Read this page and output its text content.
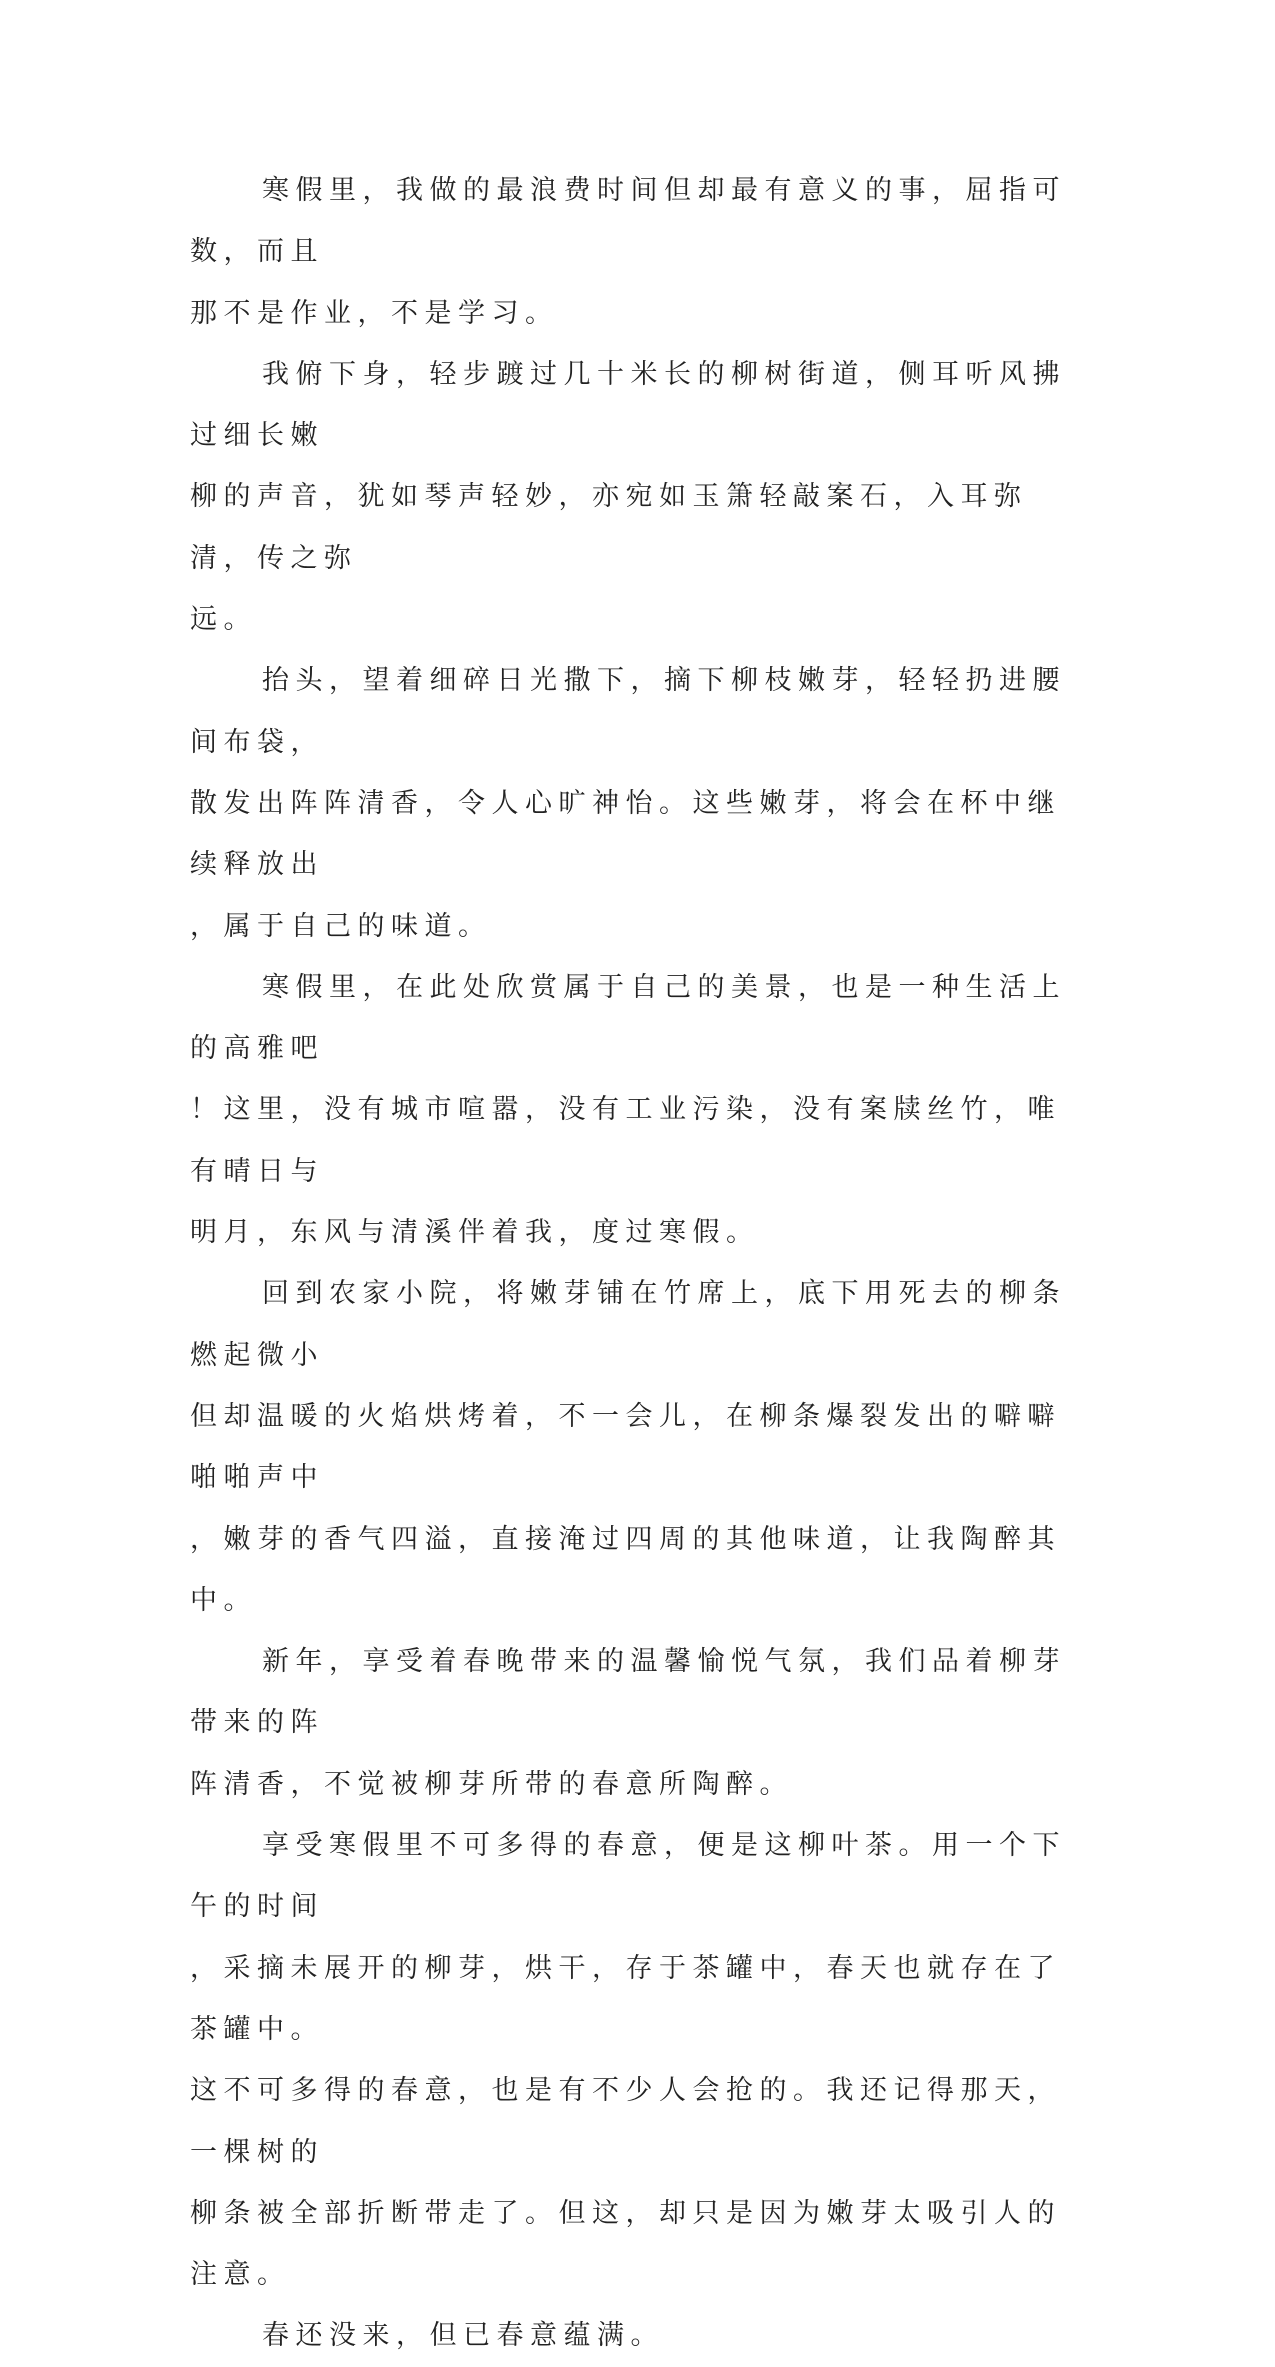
寒假里，我做的最浪费时间但却最有意义的事，屈指可数，而且
那不是作业，不是学习。
我俯下身，轻步踱过几十米长的柳树街道，侧耳听风拂过细长嫩
柳的声音，犹如琴声轻妙，亦宛如玉箫轻敲案石，入耳弥清，传之弥
远。
抬头，望着细碎日光撒下，摘下柳枝嫩芽，轻轻扔进腰间布袋，
散发出阵阵清香，令人心旷神怡。这些嫩芽，将会在杯中继续释放出
，属于自己的味道。
寒假里，在此处欣赏属于自己的美景，也是一种生活上的高雅吧
！这里，没有城市喧嚣，没有工业污染，没有案牍丝竹，唯有晴日与
明月，东风与清溪伴着我，度过寒假。
回到农家小院，将嫩芽铺在竹席上，底下用死去的柳条燃起微小
但却温暖的火焰烘烤着，不一会儿，在柳条爆裂发出的噼噼啪啪声中
，嫩芽的香气四溢，直接淹过四周的其他味道，让我陶醉其中。
新年，享受着春晚带来的温馨愉悦气氛，我们品着柳芽带来的阵
阵清香，不觉被柳芽所带的春意所陶醉。
享受寒假里不可多得的春意，便是这柳叶茶。用一个下午的时间
，采摘未展开的柳芽，烘干，存于茶罐中，春天也就存在了茶罐中。
这不可多得的春意，也是有不少人会抢的。我还记得那天，一棵树的
柳条被全部折断带走了。但这，却只是因为嫩芽太吸引人的注意。
春还没来，但已春意蕴满。
